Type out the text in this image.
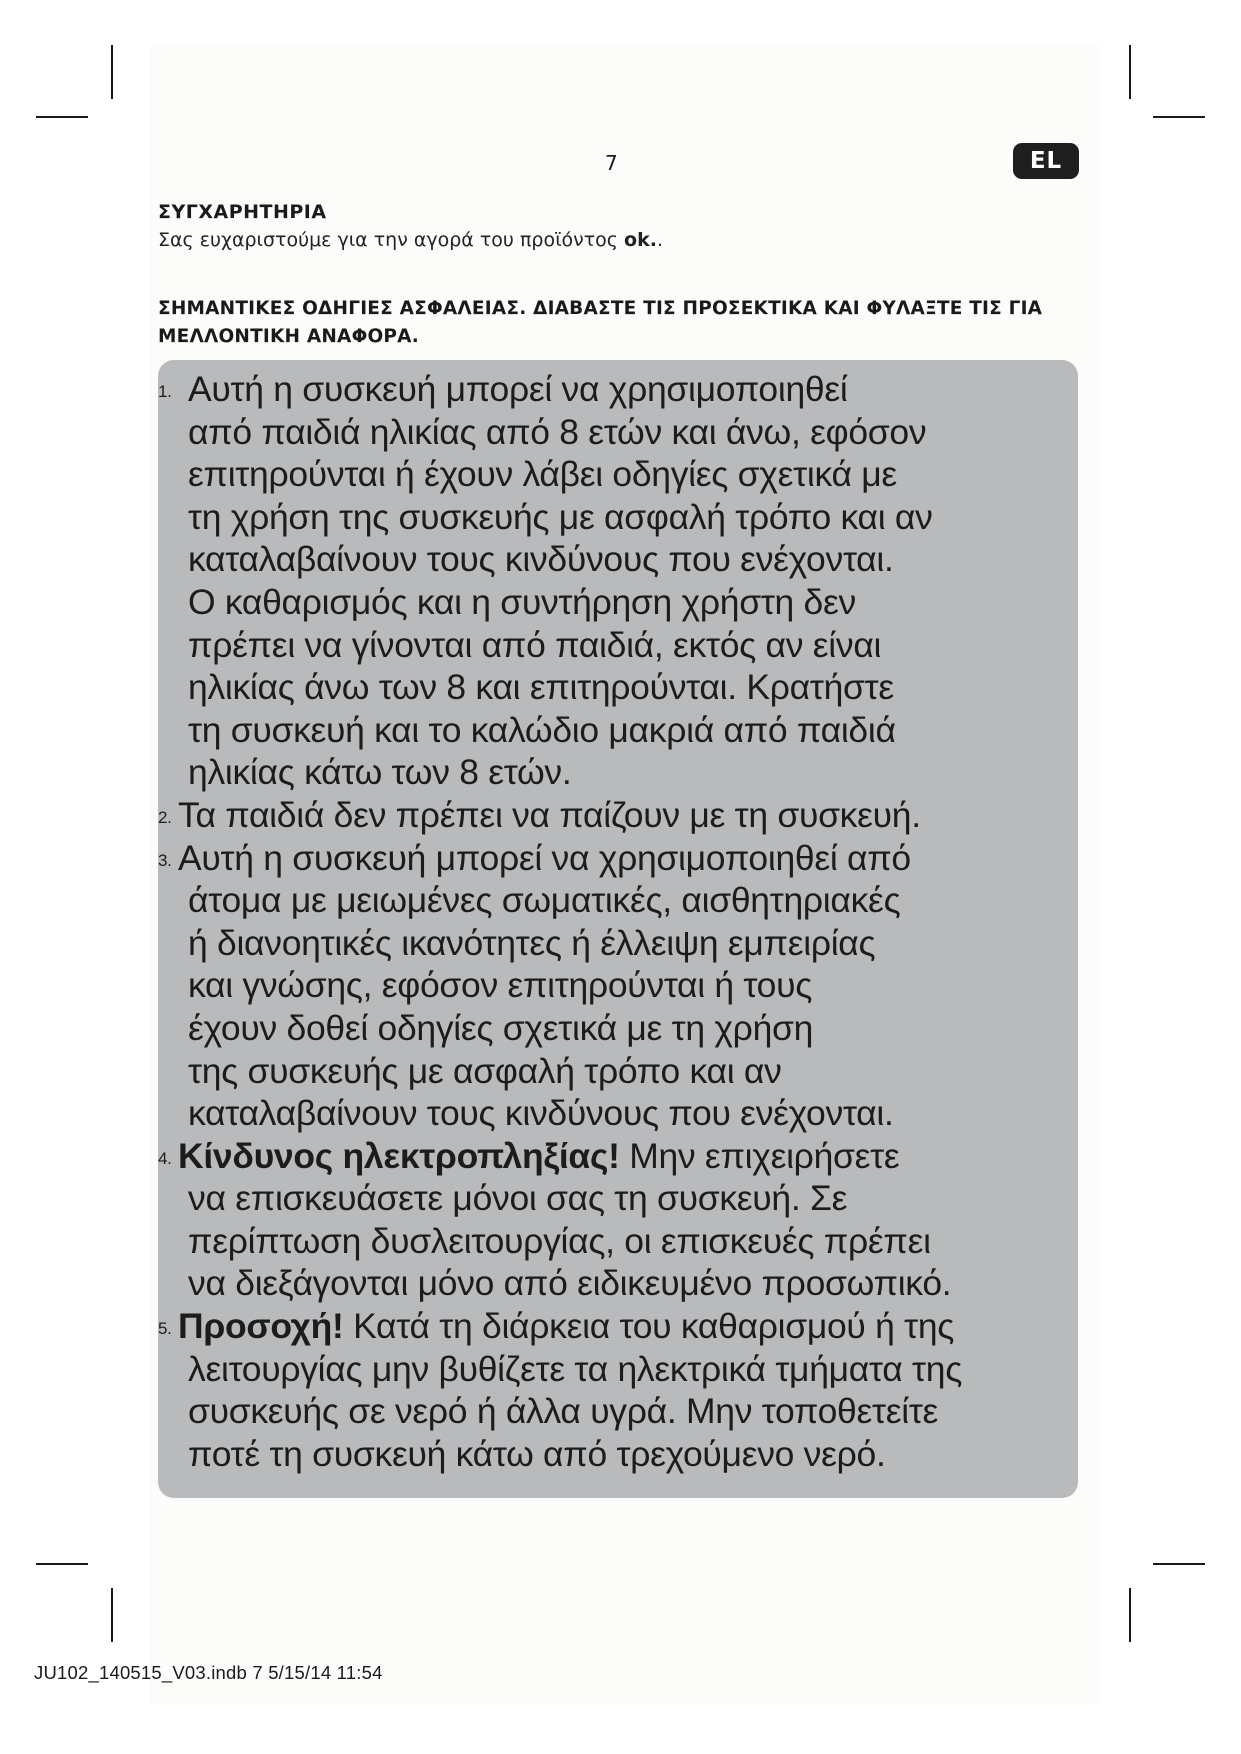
7	EL
ΣΥΓΧΑΡΗΤΗΡΙΑ
Σας ευχαριστούμε για την αγορά του προϊόντος ok..
ΣΗΜΑΝΤΙΚΕΣ ΟΔΗΓΙΕΣ ΑΣΦΑΛΕΙΑΣ. ΔΙΑΒΑΣΤΕ ΤΙΣ ΠΡΟΣΕΚΤΙΚΑ ΚΑΙ ΦΥΛΑΞΤΕ ΤΙΣ ΓΙΑ ΜΕΛΛΟΝΤΙΚΗ ΑΝΑΦΟΡΑ.
1. Αυτή η συσκευή μπορεί να χρησιμοποιηθεί
από παιδιά ηλικίας από 8 ετών και άνω, εφόσον
επιτηρούνται ή έχουν λάβει οδηγίες σχετικά με
τη χρήση της συσκευής με ασφαλή τρόπο και αν
καταλαβαίνουν τους κινδύνους που ενέχονται.
Ο καθαρισμός και η συντήρηση χρήστη δεν
πρέπει να γίνονται από παιδιά, εκτός αν είναι
ηλικίας άνω των 8 και επιτηρούνται. Κρατήστε
τη συσκευή και το καλώδιο μακριά από παιδιά
ηλικίας κάτω των 8 ετών.
2. Τα παιδιά δεν πρέπει να παίζουν με τη συσκευή.
3. Αυτή η συσκευή μπορεί να χρησιμοποιηθεί από
άτομα με μειωμένες σωματικές, αισθητηριακές
ή διανοητικές ικανότητες ή έλλειψη εμπειρίας
και γνώσης, εφόσον επιτηρούνται ή τους
έχουν δοθεί οδηγίες σχετικά με τη χρήση
της συσκευής με ασφαλή τρόπο και αν
καταλαβαίνουν τους κινδύνους που ενέχονται.
4. Κίνδυνος ηλεκτροπληξίας! Μην επιχειρήσετε
να επισκευάσετε μόνοι σας τη συσκευή. Σε
περίπτωση δυσλειτουργίας, οι επισκευές πρέπει
να διεξάγονται μόνο από ειδικευμένο προσωπικό.
5. Προσοχή! Κατά τη διάρκεια του καθαρισμού ή της
λειτουργίας μην βυθίζετε τα ηλεκτρικά τμήματα της
συσκευής σε νερό ή άλλα υγρά. Μην τοποθετείτε
ποτέ τη συσκευή κάτω από τρεχούμενο νερό.
JU102_140515_V03.indb 7 5/15/14 11:54
